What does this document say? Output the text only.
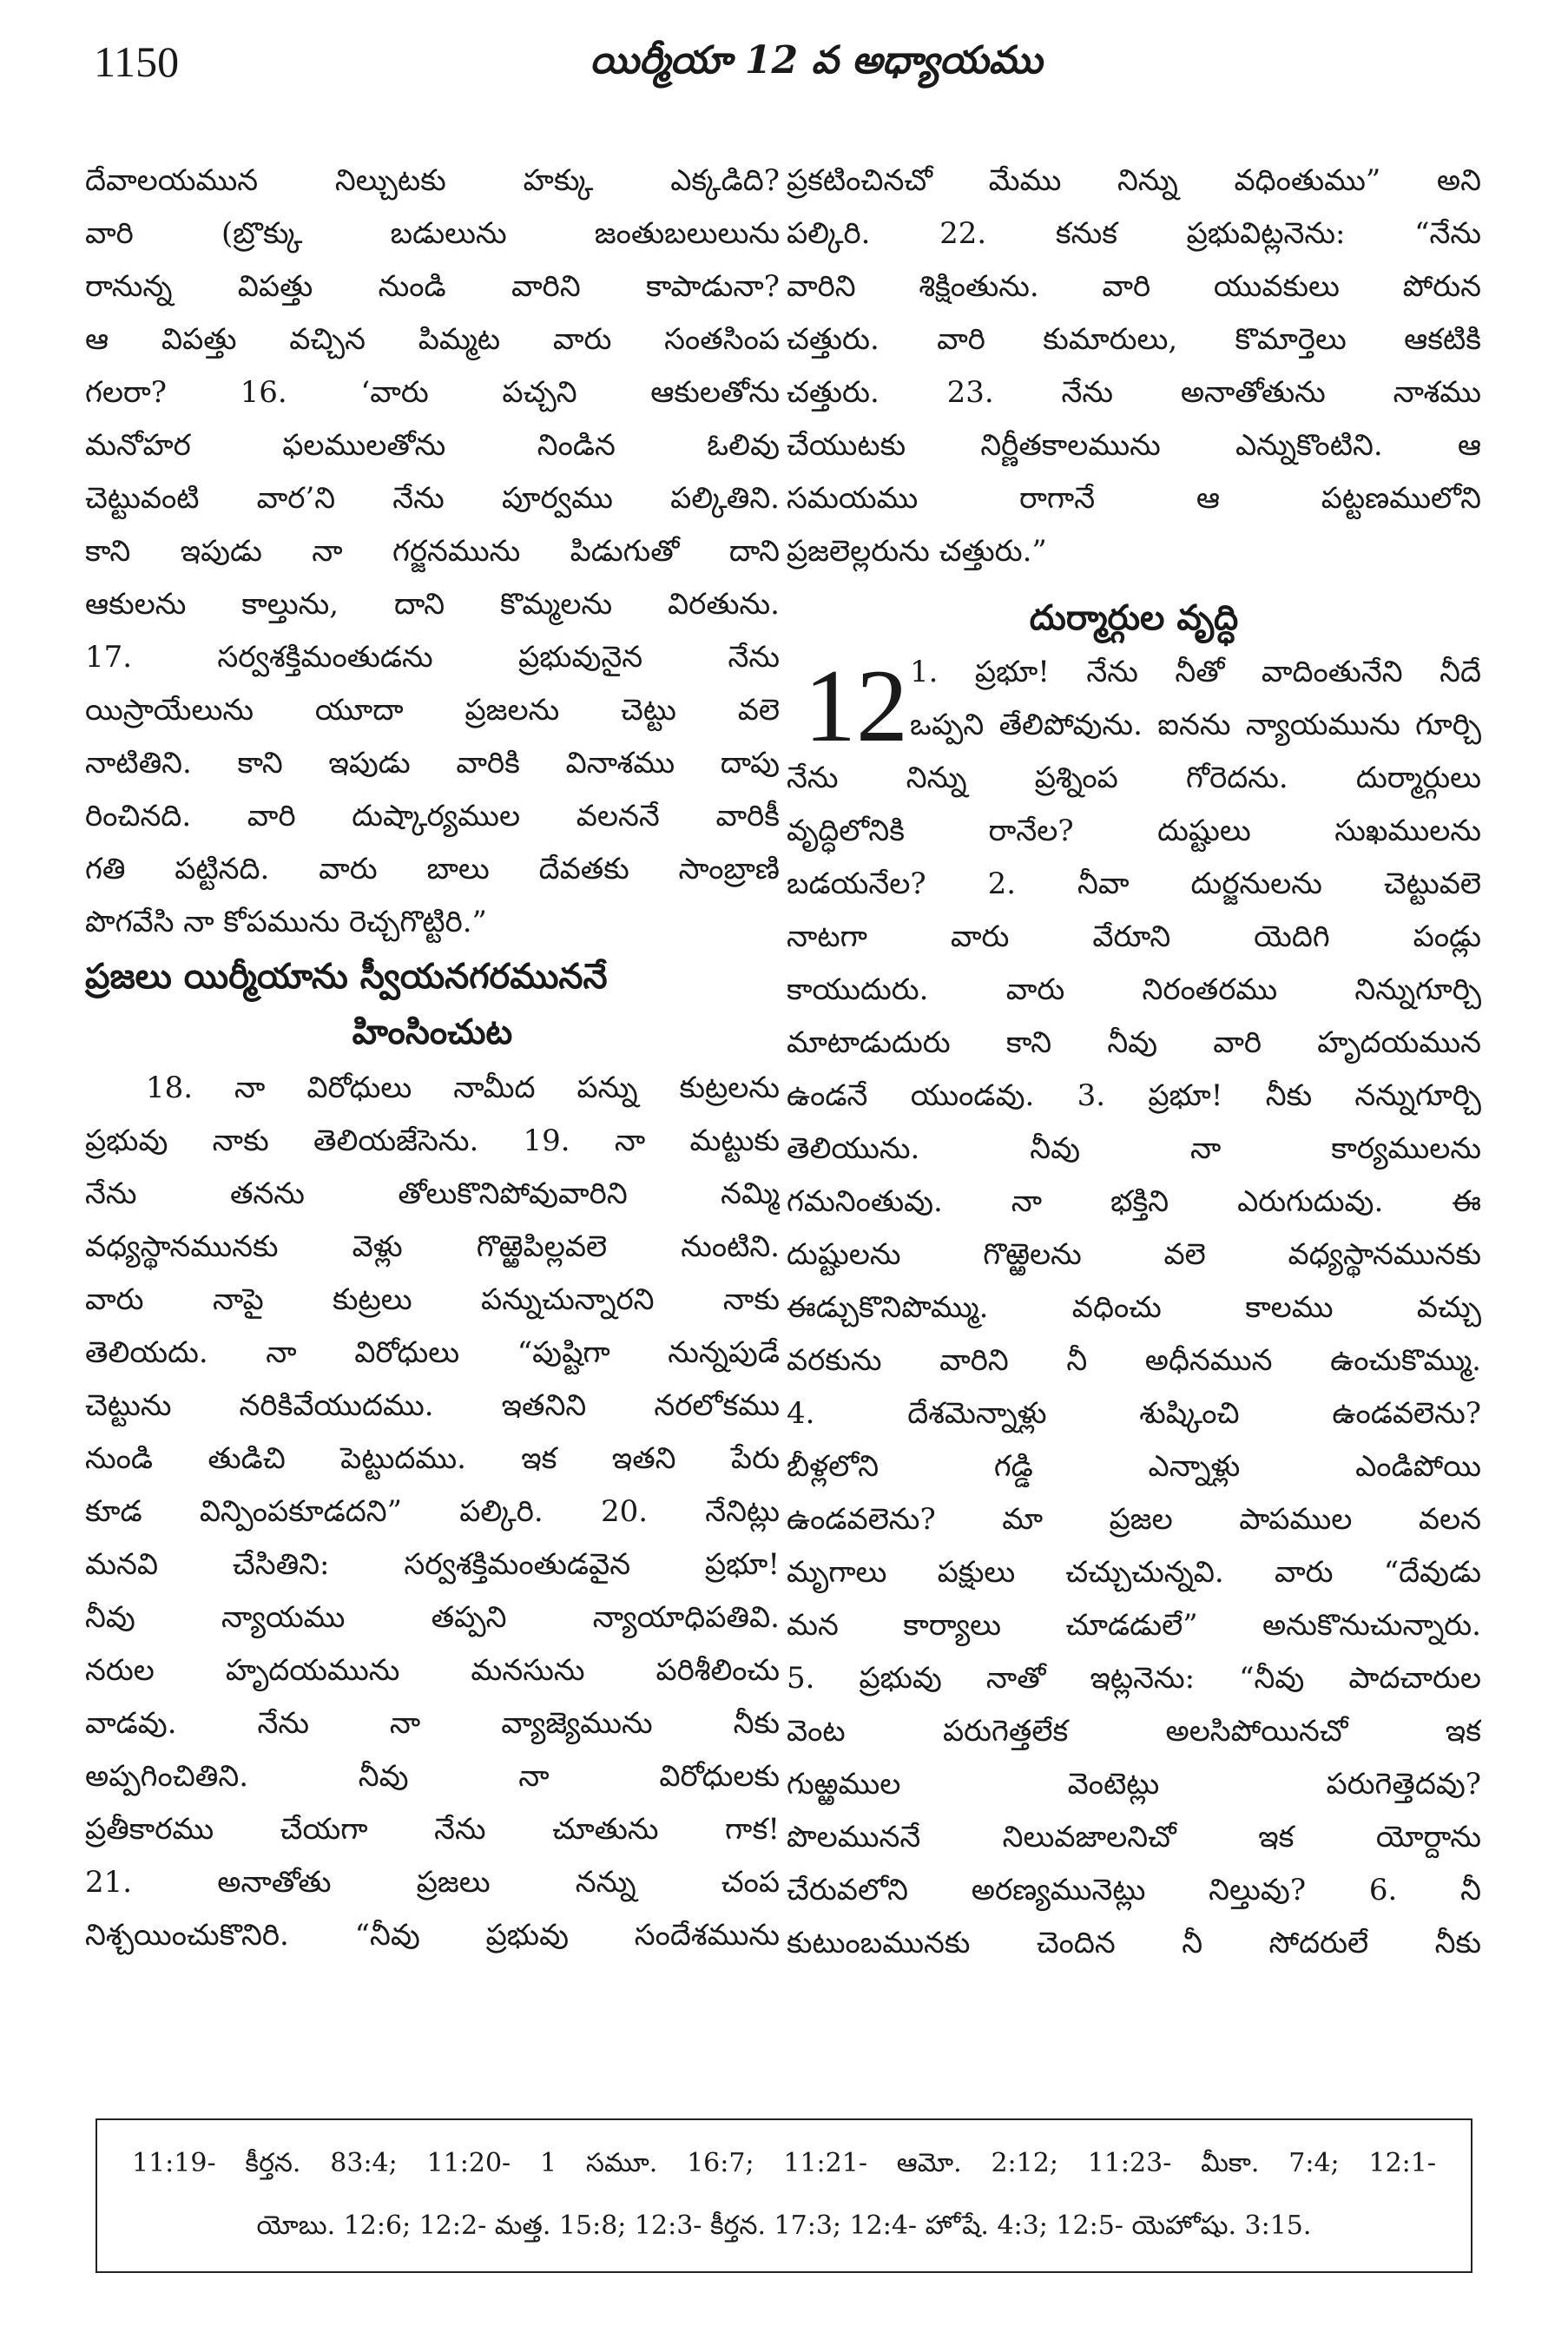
1150	యిర్మీయా 12 వ అధ్యాయము
దేవాలయమున నిల్చుటకు హక్కు ఎక్కడిది?
వారి (బ్రొక్కు బడులును జంతుబలులును
రానున్న విపత్తు నుండి వారిని కాపాడునా?
ఆ విపత్తు వచ్చిన పిమ్మట వారు సంతసింప
గలరా? 16. ‘వారు పచ్చని ఆకులతోను
మనోహర ఫలములతోను నిండిన ఓలివు
చెట్టువంటి వార’ని నేను పూర్వము పల్కితిని.
కాని ఇపుడు నా గర్జనమును పిడుగుతో దాని
ఆకులను కాల్తును, దాని కొమ్మలను విరతును.
17. సర్వశక్తిమంతుడను ప్రభువునైన నేను
యిస్రాయేలును యూదా ప్రజలను చెట్టు వలె
నాటితిని. కాని ఇపుడు వారికి వినాశము దాపు
రించినది. వారి దుష్కార్యముల వలననే వారికీ
గతి పట్టినది. వారు బాలు దేవతకు సాంబ్రాణి
పొగవేసి నా కోపమును రెచ్చగొట్టిరి.”
ప్రజలు యిర్మీయాను స్వీయనగరముననే
హింసించుట
18. నా విరోధులు నామీద పన్ను కుట్రలను
ప్రభువు నాకు తెలియజేసెను. 19. నా మట్టుకు
నేను తనను తోలుకొనిపోవువారిని నమ్మి
వధ్యస్థానమునకు వెళ్లు గొఱ్ఱెపిల్లవలె నుంటిని.
వారు నాపై కుట్రలు పన్నుచున్నారని నాకు
తెలియదు. నా విరోధులు “పుష్టిగా నున్నపుడే
చెట్టును నరికివేయుదము. ఇతనిని నరలోకము
నుండి తుడిచి పెట్టుదము. ఇక ఇతని పేరు
కూడ విన్పింపకూడదని” పల్కిరి. 20. నేనిట్లు
మనవి చేసితిని: సర్వశక్తిమంతుడవైన ప్రభూ!
నీవు న్యాయము తప్పని న్యాయాధిపతివి.
నరుల హృదయమును మనసును పరిశీలించు
వాడవు. నేను నా వ్యాజ్యెమును నీకు
అప్పగించితిని. నీవు నా విరోధులకు
ప్రతీకారము చేయగా నేను చూతును గాక!
21. అనాతోతు ప్రజలు నన్ను చంప
నిశ్చయించుకొనిరి. “నీవు ప్రభువు సందేశమును
ప్రకటించినచో మేము నిన్ను వధింతుము” అని
పల్కిరి. 22. కనుక ప్రభువిట్లనెను: “నేను
వారిని శిక్షింతును. వారి యువకులు పోరున
చత్తురు. వారి కుమారులు, కొమార్తెలు ఆకటికి
చత్తురు. 23. నేను అనాతోతును నాశము
చేయుటకు నిర్ణీతకాలమును ఎన్నుకొంటిని. ఆ
సమయము రాగానే ఆ పట్టణములోని
ప్రజలెల్లరును చత్తురు.”
దుర్మార్గుల వృద్ధి
12 1. ప్రభూ! నేను నీతో వాదింతునేని నీదే
ఒప్పని తేలిపోవును. ఐనను న్యాయమును గూర్చి
నేను నిన్ను ప్రశ్నింప గోరెదను. దుర్మార్గులు
వృద్ధిలోనికి రానేల? దుష్టులు సుఖములను
బడయనేల? 2. నీవా దుర్జనులను చెట్టువలె
నాటగా వారు వేరూని యెదిగి పండ్లు
కాయుదురు. వారు నిరంతరము నిన్నుగూర్చి
మాటాడుదురు కాని నీవు వారి హృదయమున
ఉండనే యుండవు. 3. ప్రభూ! నీకు నన్నుగూర్చి
తెలియును. నీవు నా కార్యములను
గమనింతువు. నా భక్తిని ఎరుగుదువు. ఈ
దుష్టులను గొఱ్ఱెలను వలె వధ్యస్థానమునకు
ఈడ్చుకొనిపొమ్ము. వధించు కాలము వచ్చు
వరకును వారిని నీ అధీనమున ఉంచుకొమ్ము.
4. దేశమెన్నాళ్లు శుష్కించి ఉండవలెను?
బీళ్లలోని గడ్డి ఎన్నాళ్లు ఎండిపోయి
ఉండవలెను? మా ప్రజల పాపముల వలన
మృగాలు పక్షులు చచ్చుచున్నవి. వారు “దేవుడు
మన కార్యాలు చూడడులే” అనుకొనుచున్నారు.
5. ప్రభువు నాతో ఇట్లనెను: “నీవు పాదచారుల
వెంట పరుగెత్తలేక అలసిపోయినచో ఇక
గుఱ్ఱముల వెంటెట్లు పరుగెత్తెదవు?
పొలముననే నిలువజాలనిచో ఇక యోర్దాను
చేరువలోని అరణ్యమునెట్లు నిల్తువు? 6. నీ
కుటుంబమునకు చెందిన నీ సోదరులే నీకు
11:19- కీర్తన. 83:4; 11:20- 1 సమూ. 16:7; 11:21- ఆమో. 2:12; 11:23- మీకా. 7:4; 12:1-
యోబు. 12:6; 12:2- మత్త. 15:8; 12:3- కీర్తన. 17:3; 12:4- హోషే. 4:3; 12:5- యెహోషు. 3:15.
